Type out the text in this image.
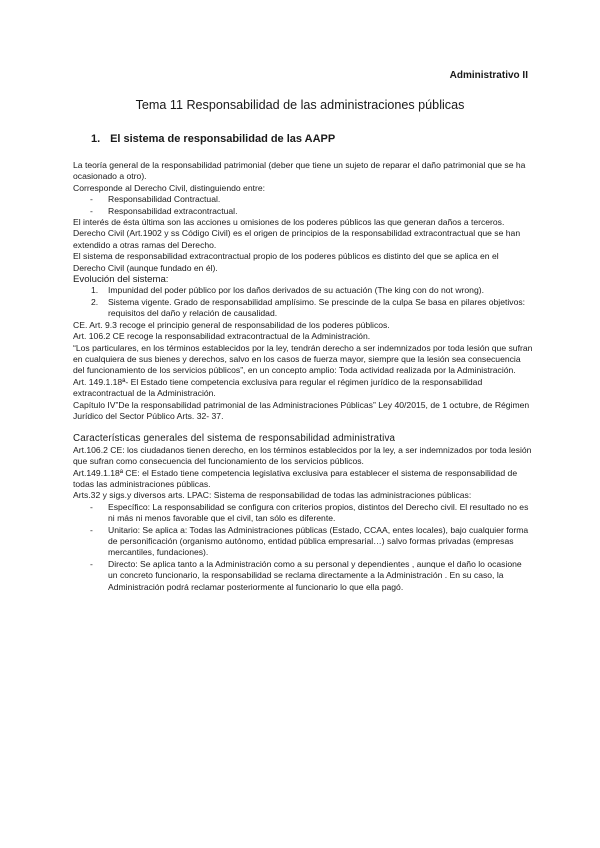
Administrativo II
Tema 11 Responsabilidad de las administraciones públicas
1. El sistema de responsabilidad de las AAPP

La teoría general de la responsabilidad patrimonial (deber que tiene un sujeto de reparar el daño patrimonial que se ha ocasionado a otro).

Corresponde al Derecho Civil, distinguiendo entre:

- Responsabilidad Contractual.
- Responsabilidad extracontractual.

El interés de ésta última son las acciones u omisiones de los poderes públicos las que generan daños a terceros.

Derecho Civil (Art.1902 y ss Código Civil) es el origen de principios de la responsabilidad extracontractual que se han extendido a otras ramas del Derecho.

El sistema de responsabilidad extracontractual propio de los poderes públicos es distinto del que se aplica en el Derecho Civil (aunque fundado en él).

Evolución del sistema:

1. Impunidad del poder público por los daños derivados de su actuación (The king con do not wrong).
2. Sistema vigente. Grado de responsabilidad amplísimo. Se prescinde de la culpa Se basa en pilares objetivos: requisitos del daño y relación de causalidad.

CE. Art. 9.3 recoge el principio general de responsabilidad de los poderes públicos.

Art. 106.2 CE recoge la responsabilidad extracontractual de la Administración.

“Los particulares, en los términos establecidos por la ley, tendrán derecho a ser indemnizados por toda lesión que sufran en cualquiera de sus bienes y derechos, salvo en los casos de fuerza mayor, siempre que la lesión sea consecuencia del funcionamiento de los servicios públicos”, en un concepto amplio: Toda actividad realizada por la Administración.

Art. 149.1.18ª- El Estado tiene competencia exclusiva para regular el régimen jurídico de la responsabilidad extracontractual de la Administración.

Capítulo IV”De la responsabilidad patrimonial de las Administraciones Públicas” Ley 40/2015, de 1 octubre, de Régimen Jurídico del Sector Público Arts. 32- 37.

Características generales del sistema de responsabilidad administrativa

Art.106.2 CE: los ciudadanos tienen derecho, en los términos establecidos por la ley, a ser indemnizados por toda lesión que sufran como consecuencia del funcionamiento de los servicios públicos.

Art.149.1.18ª CE: el Estado tiene competencia legislativa exclusiva para establecer el sistema de responsabilidad de todas las administraciones públicas.

Arts.32 y sigs.y diversos arts. LPAC: Sistema de responsabilidad de todas las administraciones públicas:

- Específico: La responsabilidad se configura con criterios propios, distintos del Derecho civil. El resultado no es ni más ni menos favorable que el civil, tan sólo es diferente.
- Unitario: Se aplica a: Todas las Administraciones públicas (Estado, CCAA, entes locales), bajo cualquier forma de personificación (organismo autónomo, entidad pública empresarial…) salvo formas privadas (empresas mercantiles, fundaciones).
- Directo: Se aplica tanto a la Administración como a su personal y dependientes , aunque el daño lo ocasione un concreto funcionario, la responsabilidad se reclama directamente a la Administración . En su caso, la Administración podrá reclamar posteriormente al funcionario lo que ella pagó.
